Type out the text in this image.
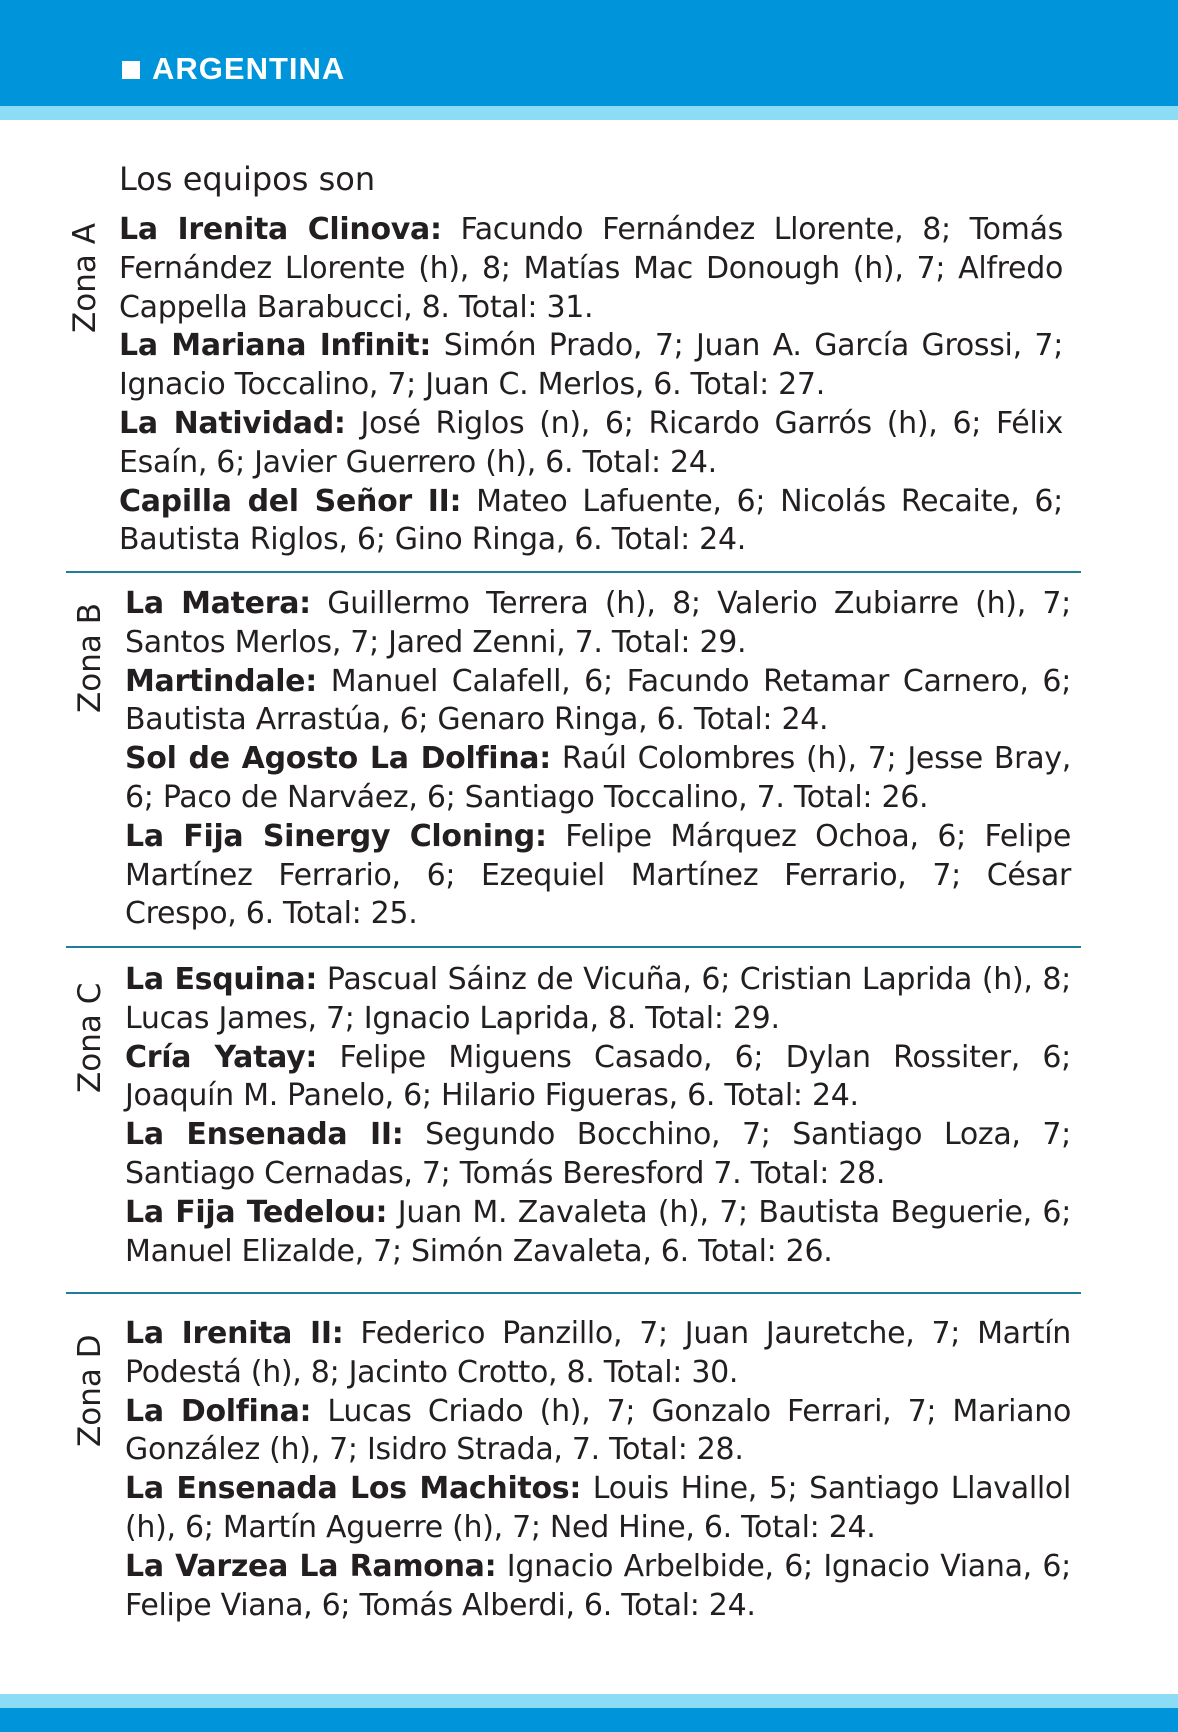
ARGENTINA
Los equipos son
Zona A La Irenita Clinova: Facundo Fernández Llorente, 8; Tomás Fernández Llorente (h), 8; Matías Mac Donough (h), 7; Alfredo Cappella Barabucci, 8. Total: 31.

La Mariana Infinit: Simón Prado, 7; Juan A. García Grossi, 7; Ignacio Toccalino, 7; Juan C. Merlos, 6. Total: 27.

La Natividad: José Riglos (n), 6; Ricardo Garrós (h), 6; Félix Esaín, 6; Javier Guerrero (h), 6. Total: 24.

Capilla del Señor II: Mateo Lafuente, 6; Nicolás Recaite, 6; Bautista Riglos, 6; Gino Ringa, 6. Total: 24.

Zona B La Matera: Guillermo Terrera (h), 8; Valerio Zubiarre (h), 7; Santos Merlos, 7; Jared Zenni, 7. Total: 29.

Martindale: Manuel Calafell, 6; Facundo Retamar Carnero, 6; Bautista Arrastúa, 6; Genaro Ringa, 6. Total: 24.

Sol de Agosto La Dolfina: Raúl Colombres (h), 7; Jesse Bray, 6; Paco de Narváez, 6; Santiago Toccalino, 7. Total: 26.

La Fija Sinergy Cloning: Felipe Márquez Ochoa, 6; Felipe Martínez Ferrario, 6; Ezequiel Martínez Ferrario, 7; César Crespo, 6. Total: 25.

Zona C

La Esquina: Pascual Sáinz de Vicuña, 6; Cristian Laprida (h), 8; Lucas James, 7; Ignacio Laprida, 8. Total: 29.

Cría Yatay: Felipe Miguens Casado, 6; Dylan Rossiter, 6; Joaquín M. Panelo, 6; Hilario Figueras, 6. Total: 24.

La Ensenada II: Segundo Bocchino, 7; Santiago Loza, 7; Santiago Cernadas, 7; Tomás Beresford 7. Total: 28.

La Fija Tedelou: Juan M. Zavaleta (h), 7; Bautista Beguerie, 6; Manuel Elizalde, 7; Simón Zavaleta, 6. Total: 26.

Zona D

La Irenita II: Federico Panzillo, 7; Juan Jauretche, 7; Martín Podestá (h), 8; Jacinto Crotto, 8. Total: 30.

La Dolfina: Lucas Criado (h), 7; Gonzalo Ferrari, 7; Mariano González (h), 7; Isidro Strada, 7. Total: 28.

La Ensenada Los Machitos: Louis Hine, 5; Santiago Llavallol (h), 6; Martín Aguerre (h), 7; Ned Hine, 6. Total: 24.

La Varzea La Ramona: Ignacio Arbelbide, 6; Ignacio Viana, 6; Felipe Viana, 6; Tomás Alberdi, 6. Total: 24.
